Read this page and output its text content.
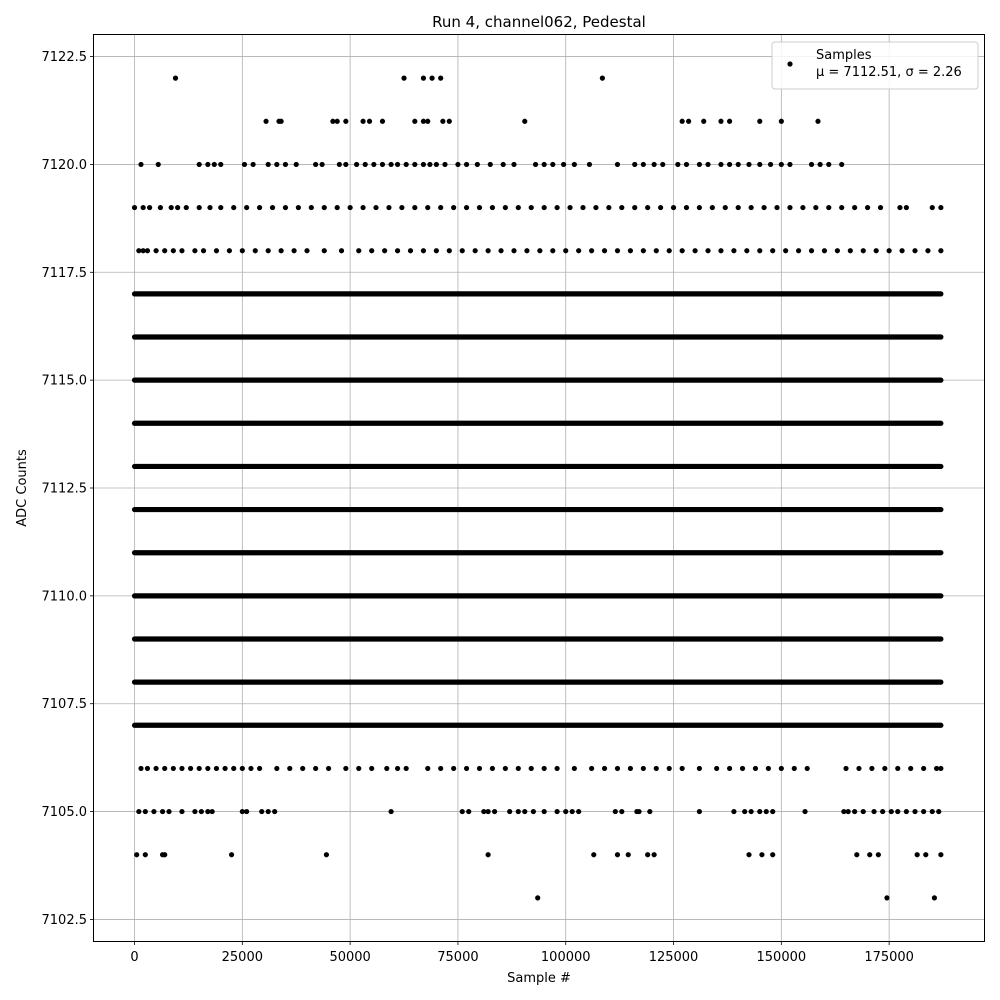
Run 4, channel062, Pedestal
0	25000	50000	75000	100000	125000	150000	175000
7102.5
7105.0
7107.5
7110.0
7112.5
7115.0
7117.5
7120.0
7122.5
Sample #
ADC Counts
Samples
μ = 7112.51, σ = 2.26
